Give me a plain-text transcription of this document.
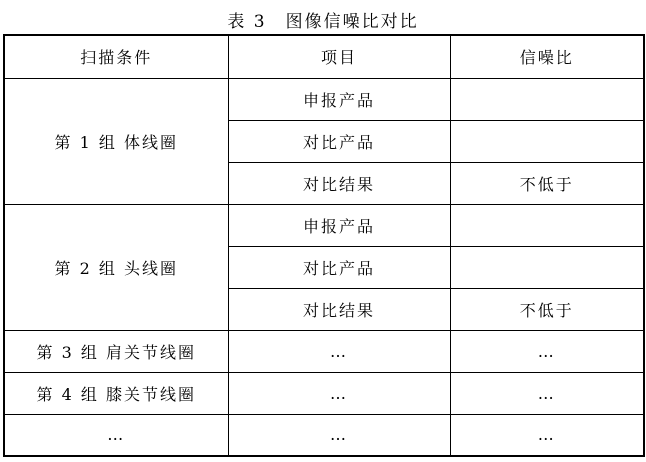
表 3　图像信噪比对比
扫描条件	项目	信噪比
第 1 组 体线圈	申报产品	
	对比产品	
	对比结果	不低于
第 2 组 头线圈	申报产品	
	对比产品	
	对比结果	不低于
第 3 组 肩关节线圈	…	…
第 4 组 膝关节线圈	…	…
…	…	…
